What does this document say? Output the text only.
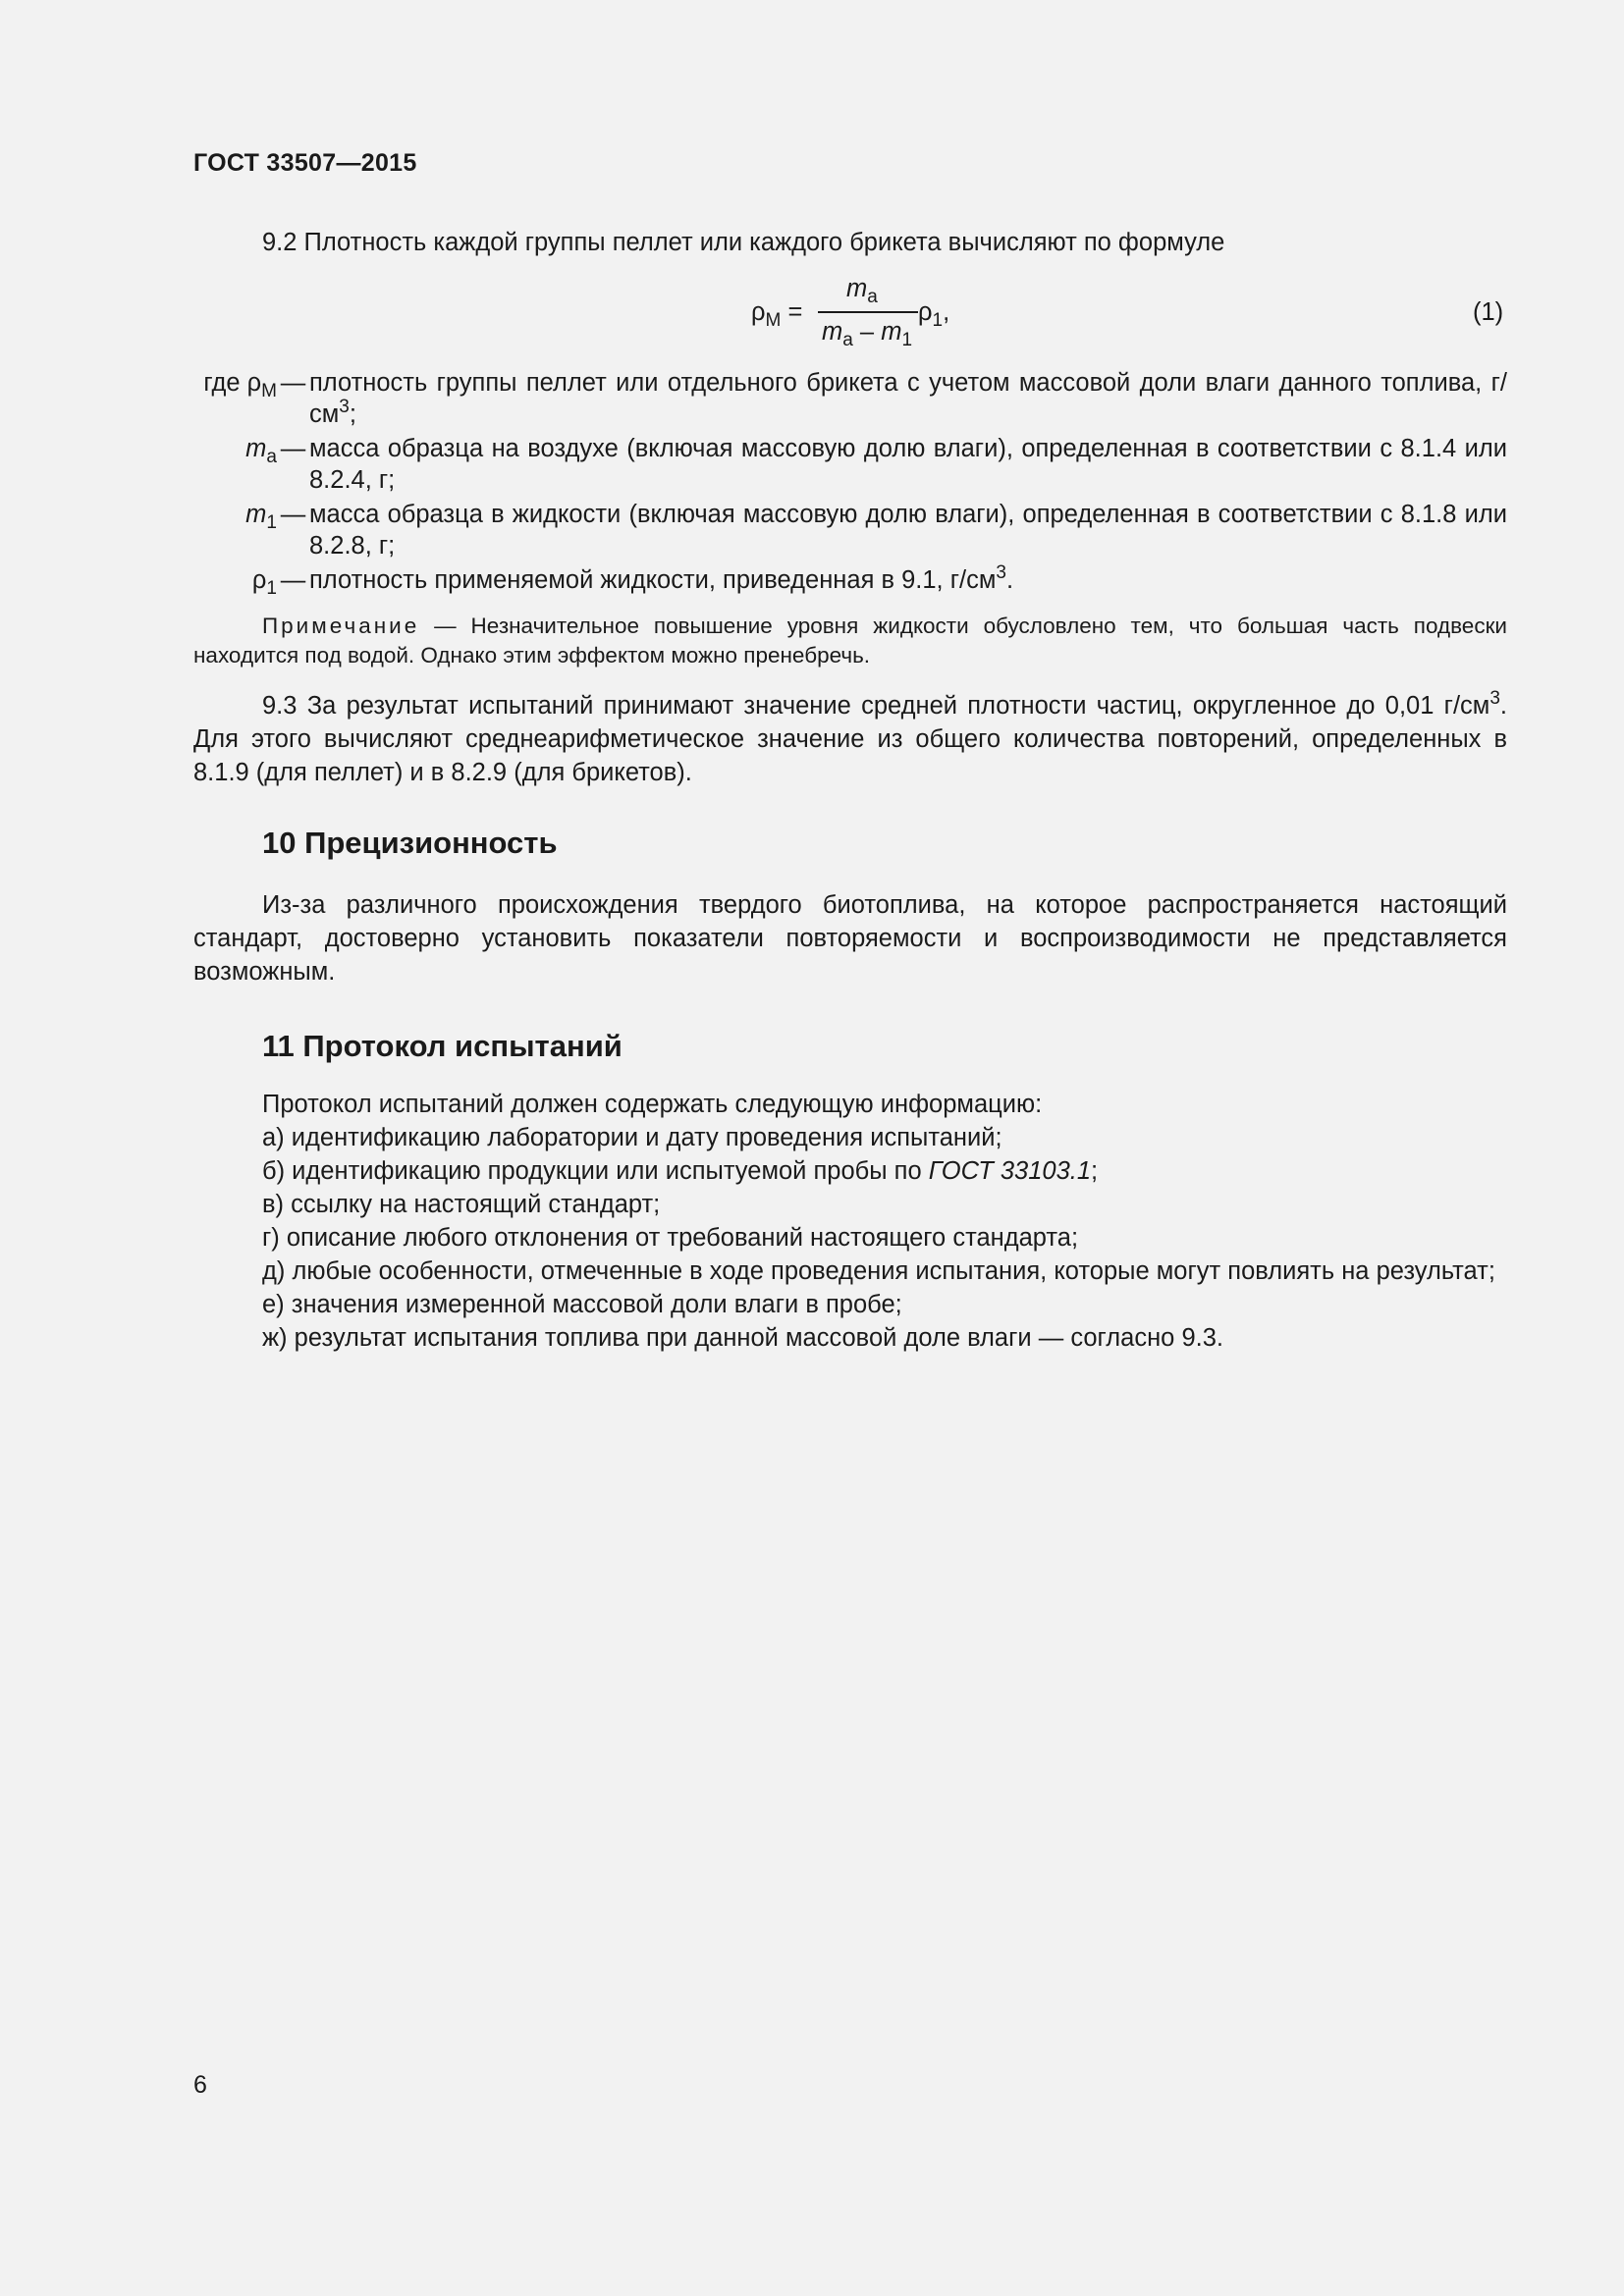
ГОСТ 33507—2015
9.2 Плотность каждой группы пеллет или каждого брикета вычисляют по формуле
$\rho_M$ =
$m_a$
$m_a - m_1$
$\rho_1$,	(1)
где $\rho_M$ — плотность группы пеллет или отдельного брикета с учетом массовой доли влаги данного топлива, $г/см^3$;
$m_a$ — масса образца на воздухе (включая массовую долю влаги), определенная в соответствии с 8.1.4 или 8.2.4, г;
$m_1$ — масса образца в жидкости (включая массовую долю влаги), определенная в соответствии с 8.1.8 или 8.2.8, г;
$\rho_1$ — плотность применяемой жидкости, приведенная в 9.1, $г/см^3$.
Примечание — Незначительное повышение уровня жидкости обусловлено тем, что большая часть подвески находится под водой. Однако этим эффектом можно пренебречь.
9.3 За результат испытаний принимают значение средней плотности частиц, округленное до 0,01 $г/см^3$. Для этого вычисляют среднеарифметическое значение из общего количества повторений, определенных в 8.1.9 (для пеллет) и в 8.2.9 (для брикетов).
10 Прецизионность
Из-за различного происхождения твердого биотоплива, на которое распространяется настоящий стандарт, достоверно установить показатели повторяемости и воспроизводимости не представляется возможным.
11 Протокол испытаний
Протокол испытаний должен содержать следующую информацию:
а) идентификацию лаборатории и дату проведения испытаний;
б) идентификацию продукции или испытуемой пробы по ГОСТ 33103.1;
в) ссылку на настоящий стандарт;
г) описание любого отклонения от требований настоящего стандарта;
д) любые особенности, отмеченные в ходе проведения испытания, которые могут повлиять на результат;
е) значения измеренной массовой доли влаги в пробе;
ж) результат испытания топлива при данной массовой доле влаги — согласно 9.3.
6
